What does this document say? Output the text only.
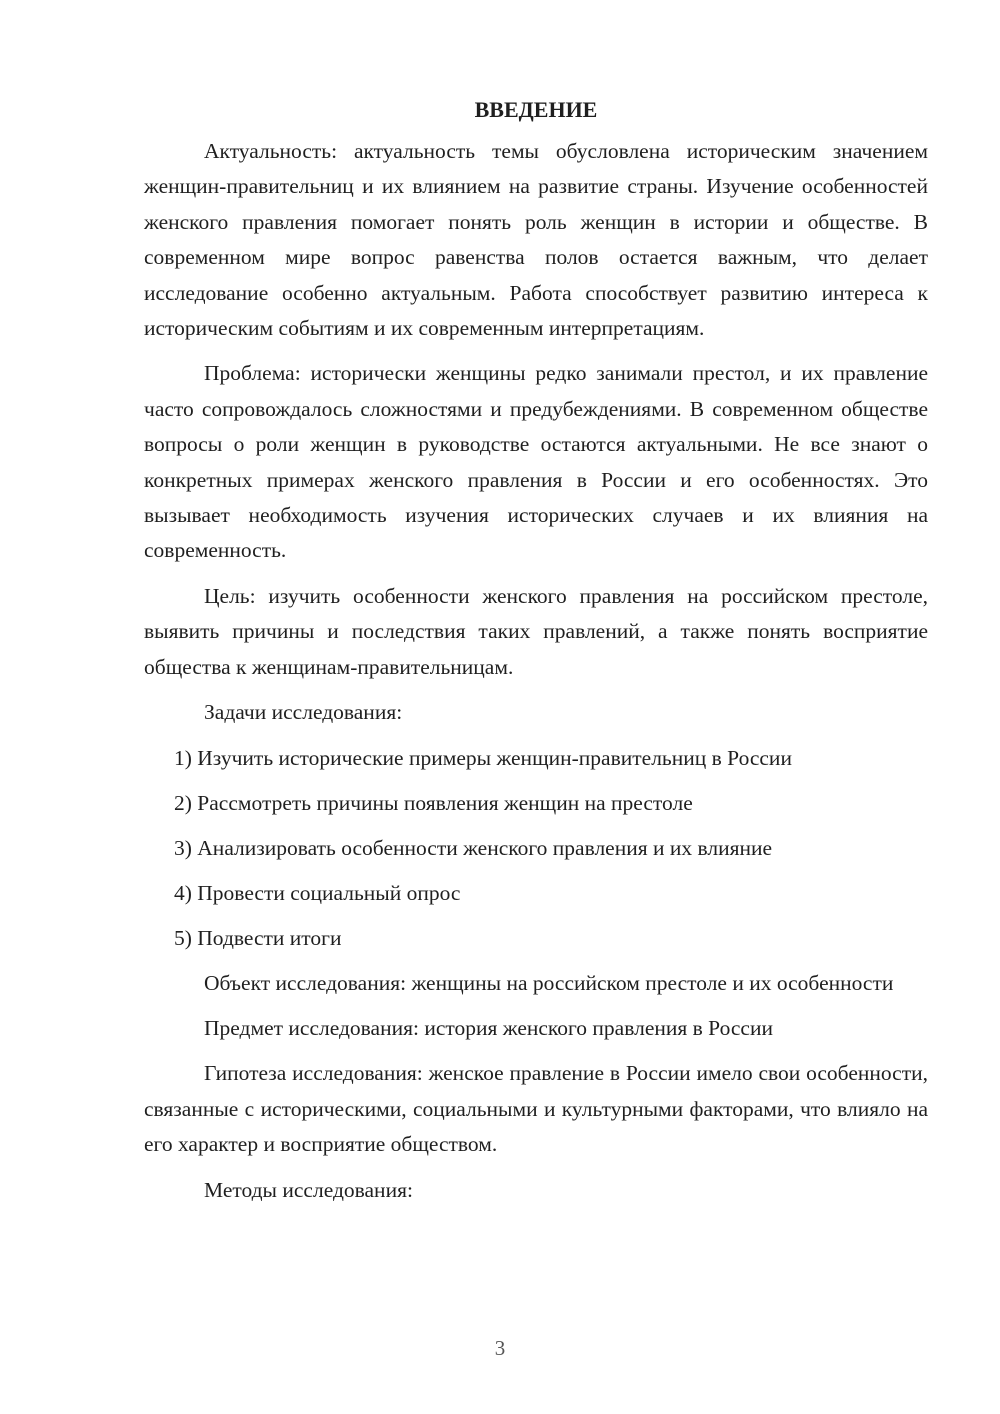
ВВЕДЕНИЕ

Актуальность: актуальность темы обусловлена историческим значением женщин-правительниц и их влиянием на развитие страны. Изучение особенностей женского правления помогает понять роль женщин в истории и обществе. В современном мире вопрос равенства полов остается важным, что делает исследование особенно актуальным. Работа способствует развитию интереса к историческим событиям и их современным интерпретациям.

Проблема: исторически женщины редко занимали престол, и их правление часто сопровождалось сложностями и предубеждениями. В современном обществе вопросы о роли женщин в руководстве остаются актуальными. Не все знают о конкретных примерах женского правления в России и его особенностях. Это вызывает необходимость изучения исторических случаев и их влияния на современность.

Цель: изучить особенности женского правления на российском престоле, выявить причины и последствия таких правлений, а также понять восприятие общества к женщинам-правительницам.

Задачи исследования:

1) Изучить исторические примеры женщин-правительниц в России
2) Рассмотреть причины появления женщин на престоле
3) Анализировать особенности женского правления и их влияние
4) Провести социальный опрос
5) Подвести итоги

Объект исследования: женщины на российском престоле и их особенности

Предмет исследования: история женского правления в России

Гипотеза исследования: женское правление в России имело свои особенности, связанные с историческими, социальными и культурными факторами, что влияло на его характер и восприятие обществом.

Методы исследования:

3
